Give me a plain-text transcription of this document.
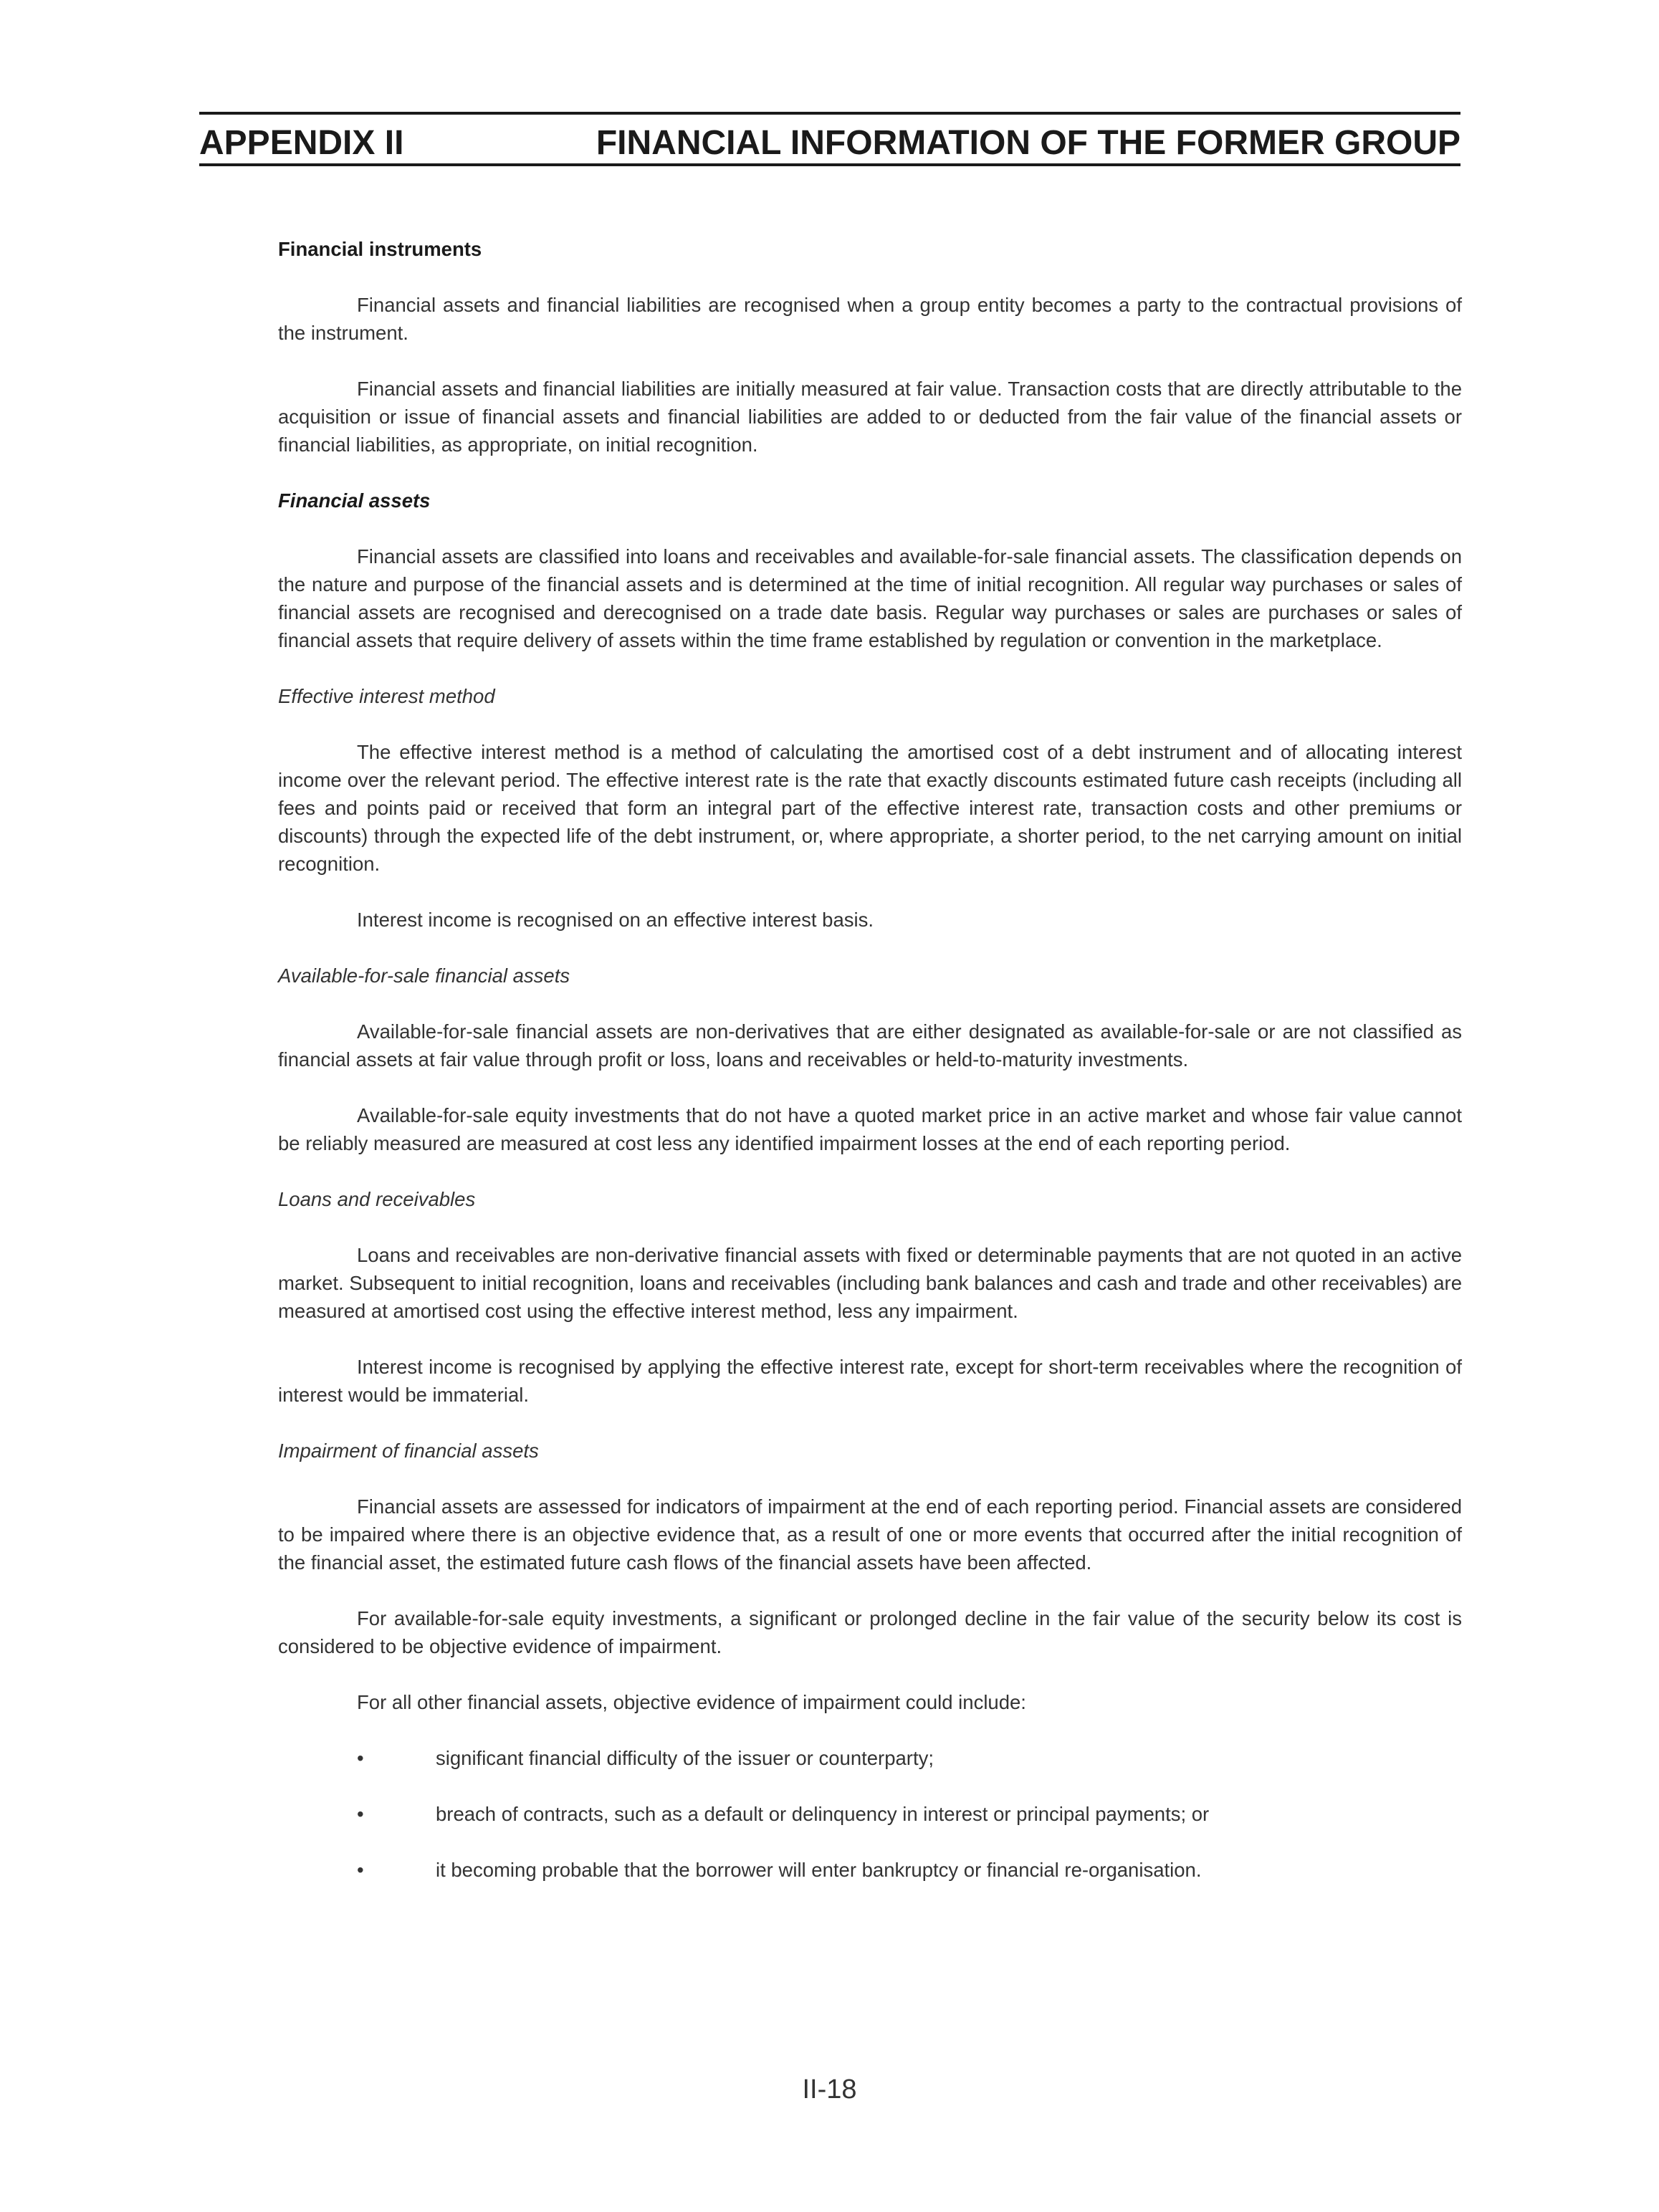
APPENDIX II	FINANCIAL INFORMATION OF THE FORMER GROUP

Financial instruments

Financial assets and financial liabilities are recognised when a group entity becomes a party to the contractual provisions of the instrument.

Financial assets and financial liabilities are initially measured at fair value. Transaction costs that are directly attributable to the acquisition or issue of financial assets and financial liabilities are added to or deducted from the fair value of the financial assets or financial liabilities, as appropriate, on initial recognition.

Financial assets

Financial assets are classified into loans and receivables and available-for-sale financial assets. The classification depends on the nature and purpose of the financial assets and is determined at the time of initial recognition. All regular way purchases or sales of financial assets are recognised and derecognised on a trade date basis. Regular way purchases or sales are purchases or sales of financial assets that require delivery of assets within the time frame established by regulation or convention in the marketplace.

Effective interest method

The effective interest method is a method of calculating the amortised cost of a debt instrument and of allocating interest income over the relevant period. The effective interest rate is the rate that exactly discounts estimated future cash receipts (including all fees and points paid or received that form an integral part of the effective interest rate, transaction costs and other premiums or discounts) through the expected life of the debt instrument, or, where appropriate, a shorter period, to the net carrying amount on initial recognition.

Interest income is recognised on an effective interest basis.

Available-for-sale financial assets

Available-for-sale financial assets are non-derivatives that are either designated as available-for-sale or are not classified as financial assets at fair value through profit or loss, loans and receivables or held-to-maturity investments.

Available-for-sale equity investments that do not have a quoted market price in an active market and whose fair value cannot be reliably measured are measured at cost less any identified impairment losses at the end of each reporting period.

Loans and receivables

Loans and receivables are non-derivative financial assets with fixed or determinable payments that are not quoted in an active market. Subsequent to initial recognition, loans and receivables (including bank balances and cash and trade and other receivables) are measured at amortised cost using the effective interest method, less any impairment.

Interest income is recognised by applying the effective interest rate, except for short-term receivables where the recognition of interest would be immaterial.

Impairment of financial assets

Financial assets are assessed for indicators of impairment at the end of each reporting period. Financial assets are considered to be impaired where there is an objective evidence that, as a result of one or more events that occurred after the initial recognition of the financial asset, the estimated future cash flows of the financial assets have been affected.

For available-for-sale equity investments, a significant or prolonged decline in the fair value of the security below its cost is considered to be objective evidence of impairment.

For all other financial assets, objective evidence of impairment could include:

•	significant financial difficulty of the issuer or counterparty;
•	breach of contracts, such as a default or delinquency in interest or principal payments; or
•	it becoming probable that the borrower will enter bankruptcy or financial re-organisation.
II-18
